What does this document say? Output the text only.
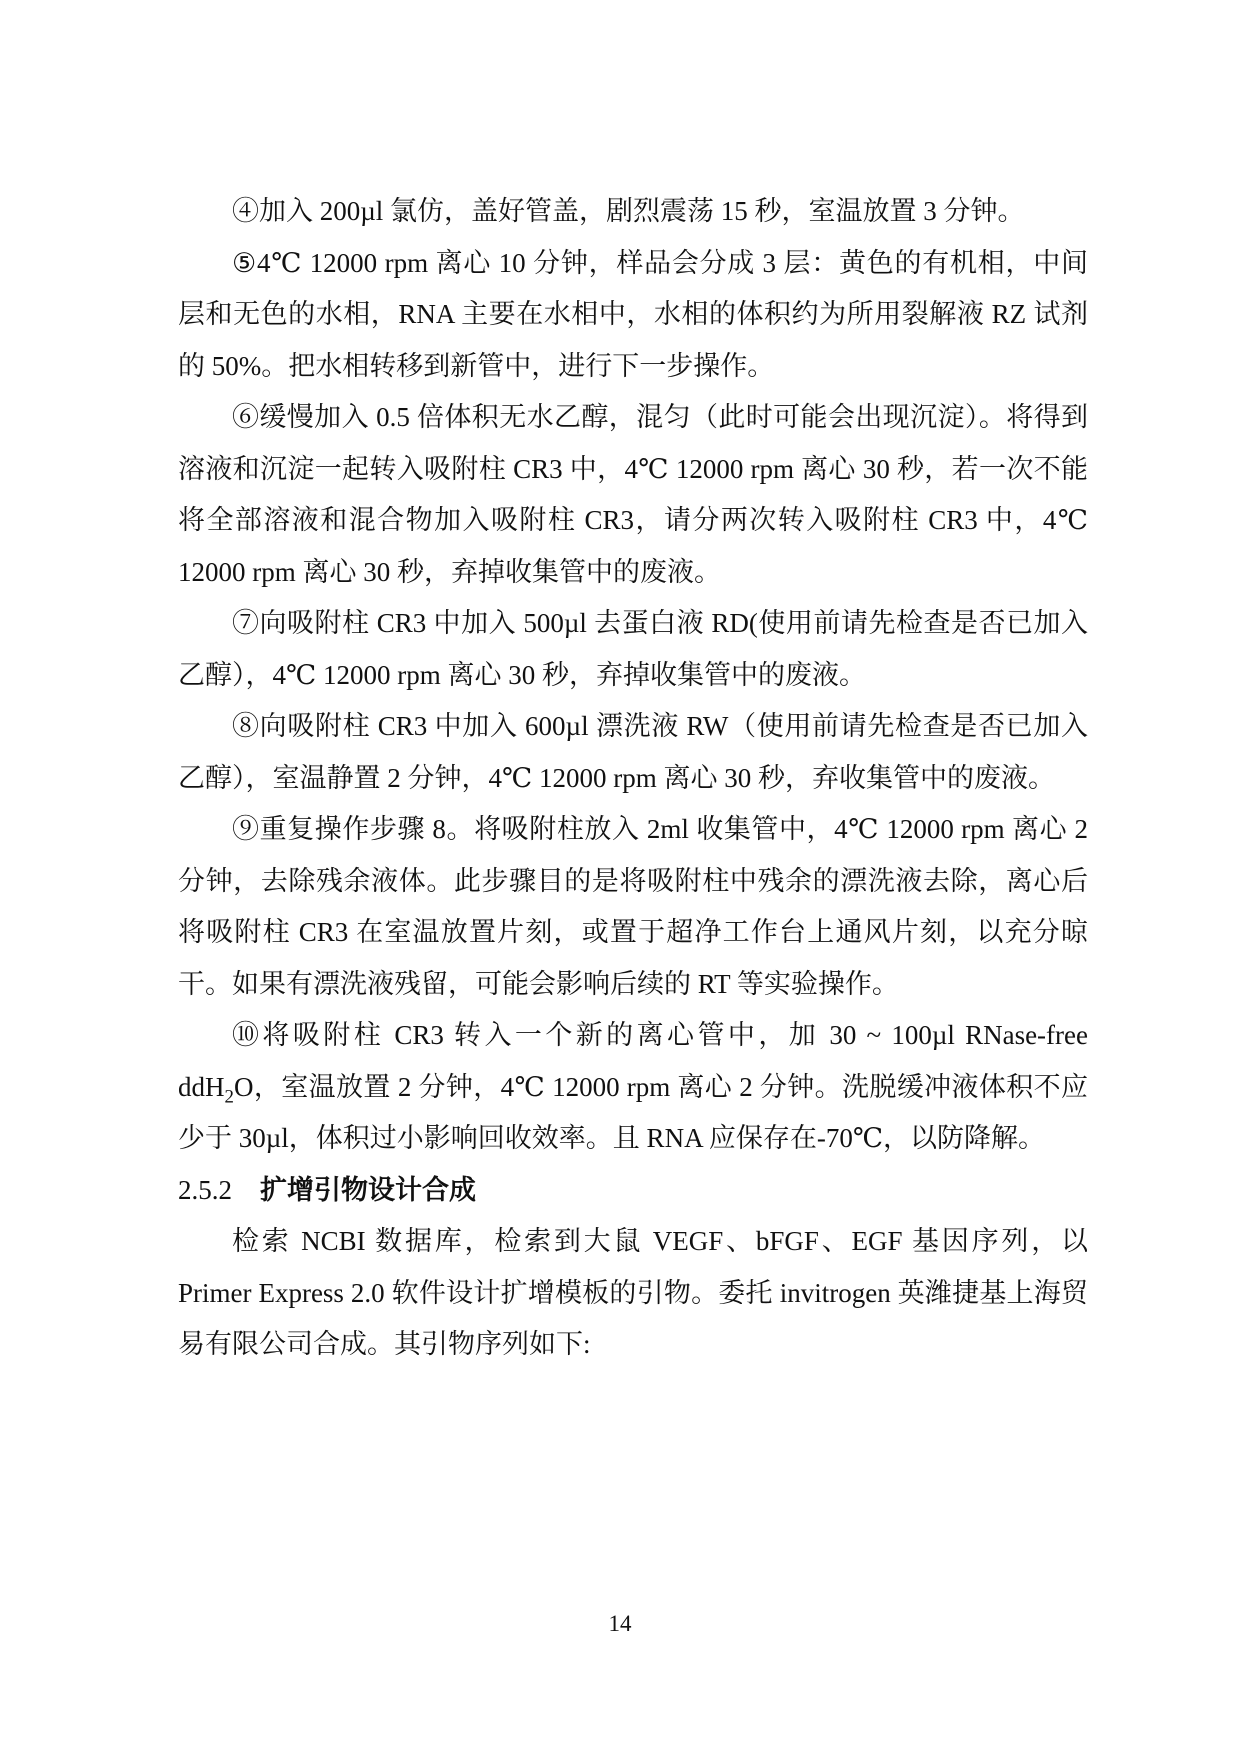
④加入 200µl 氯仿，盖好管盖，剧烈震荡 15 秒，室温放置 3 分钟。

⑤4℃ 12000 rpm 离心 10 分钟，样品会分成 3 层：黄色的有机相，中间层和无色的水相，RNA 主要在水相中，水相的体积约为所用裂解液 RZ 试剂的 50%。把水相转移到新管中，进行下一步操作。

⑥缓慢加入 0.5 倍体积无水乙醇，混匀（此时可能会出现沉淀）。将得到溶液和沉淀一起转入吸附柱 CR3 中，4℃ 12000 rpm 离心 30 秒，若一次不能将全部溶液和混合物加入吸附柱 CR3，请分两次转入吸附柱 CR3 中，4℃ 12000 rpm 离心 30 秒，弃掉收集管中的废液。

⑦向吸附柱 CR3 中加入 500µl 去蛋白液 RD(使用前请先检查是否已加入乙醇），4℃ 12000 rpm 离心 30 秒，弃掉收集管中的废液。

⑧向吸附柱 CR3 中加入 600µl 漂洗液 RW（使用前请先检查是否已加入乙醇），室温静置 2 分钟，4℃ 12000 rpm 离心 30 秒，弃收集管中的废液。

⑨重复操作步骤 8。将吸附柱放入 2ml 收集管中，4℃ 12000 rpm 离心 2 分钟，去除残余液体。此步骤目的是将吸附柱中残余的漂洗液去除，离心后将吸附柱 CR3 在室温放置片刻，或置于超净工作台上通风片刻，以充分晾干。如果有漂洗液残留，可能会影响后续的 RT 等实验操作。

⑩将吸附柱 CR3 转入一个新的离心管中，加 30 ~ 100µl RNase-free ddH$_2$O，室温放置 2 分钟，4℃ 12000 rpm 离心 2 分钟。洗脱缓冲液体积不应少于 30µl，体积过小影响回收效率。且 RNA 应保存在-70℃，以防降解。

2.5.2 扩增引物设计合成

检索 NCBI 数据库，检索到大鼠 VEGF、bFGF、EGF 基因序列，以 Primer Express 2.0 软件设计扩增模板的引物。委托 invitrogen 英潍捷基上海贸易有限公司合成。其引物序列如下:

14
